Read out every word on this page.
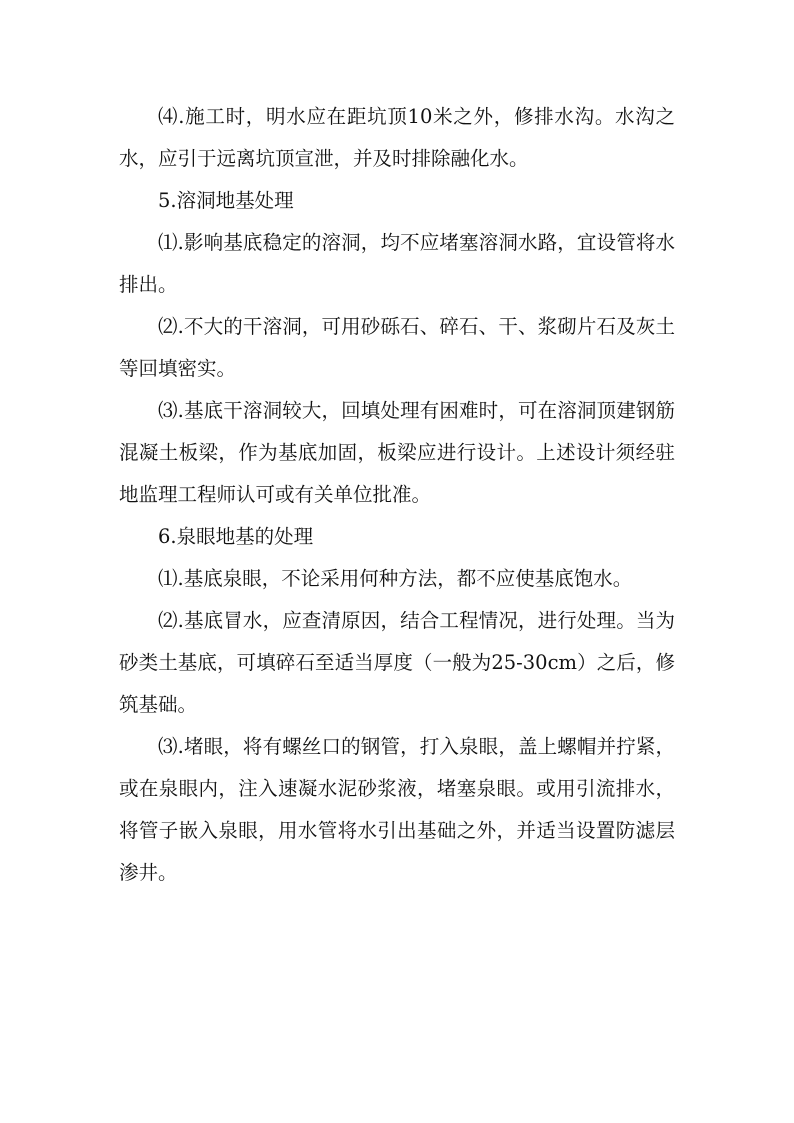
⑷.施工时，明水应在距坑顶10米之外，修排水沟。水沟之水，应引于远离坑顶宣泄，并及时排除融化水。

5.溶洞地基处理

⑴.影响基底稳定的溶洞，均不应堵塞溶洞水路，宜设管将水排出。

⑵.不大的干溶洞，可用砂砾石、碎石、干、浆砌片石及灰土等回填密实。

⑶.基底干溶洞较大，回填处理有困难时，可在溶洞顶建钢筋混凝土板梁，作为基底加固，板梁应进行设计。上述设计须经驻地监理工程师认可或有关单位批准。

6.泉眼地基的处理

⑴.基底泉眼，不论采用何种方法，都不应使基底饱水。

⑵.基底冒水，应查清原因，结合工程情况，进行处理。当为砂类土基底，可填碎石至适当厚度（一般为25-30cm）之后，修筑基础。

⑶.堵眼，将有螺丝口的钢管，打入泉眼，盖上螺帽并拧紧，或在泉眼内，注入速凝水泥砂浆液，堵塞泉眼。或用引流排水，将管子嵌入泉眼，用水管将水引出基础之外，并适当设置防滤层渗井。
